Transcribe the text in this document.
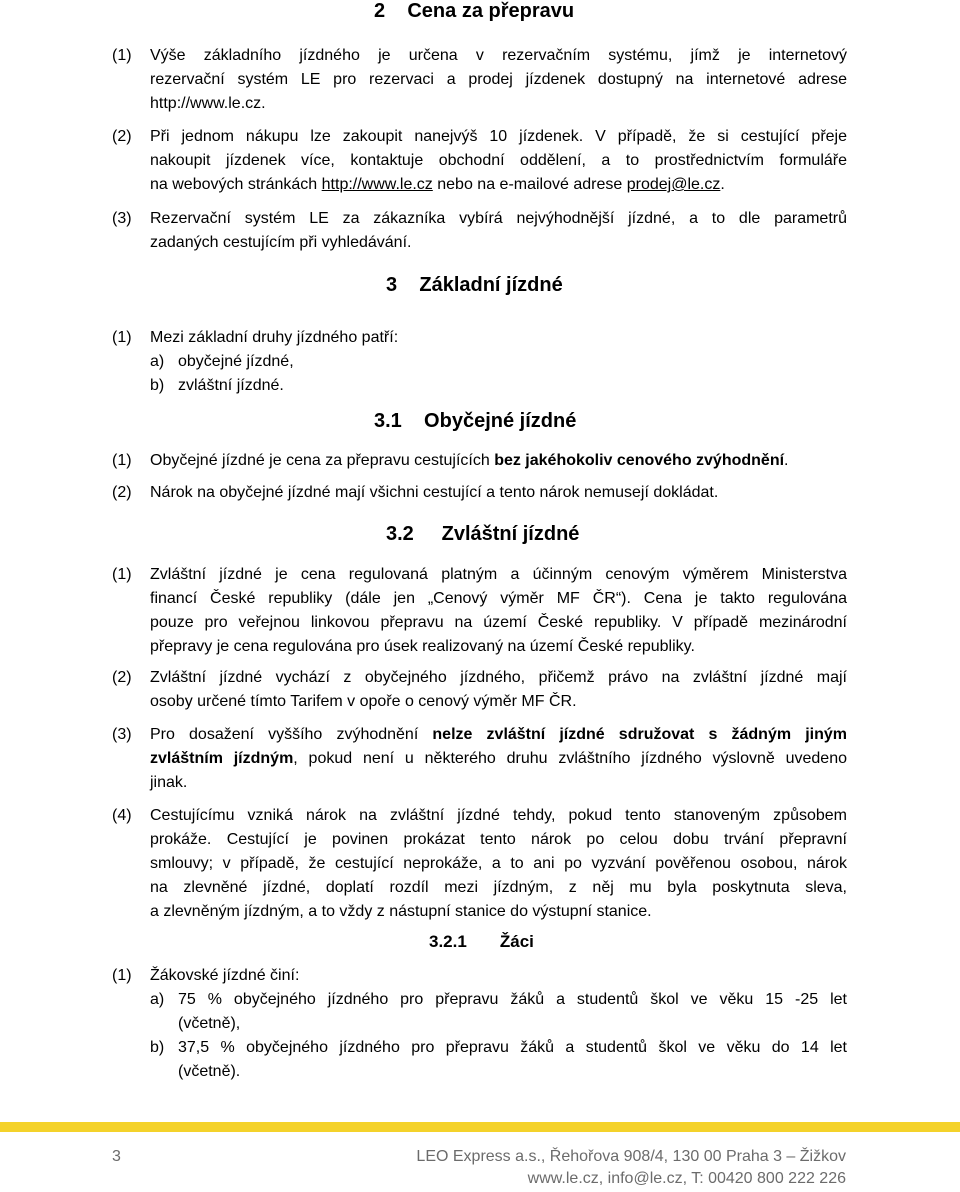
2 Cena za přepravu
(1) Výše základního jízdného je určena v rezervačním systému, jímž je internetový
rezervační systém LE pro rezervaci a prodej jízdenek dostupný na internetové adrese
http://www.le.cz.
(2) Při jednom nákupu lze zakoupit nanejvýš 10 jízdenek. V případě, že si cestující přeje
nakoupit jízdenek více, kontaktuje obchodní oddělení, a to prostřednictvím formuláře
na webových stránkách http://www.le.cz nebo na e-mailové adrese prodej@le.cz.
(3) Rezervační systém LE za zákazníka vybírá nejvýhodnější jízdné, a to dle parametrů
zadaných cestujícím při vyhledávání.
3 Základní jízdné
(1) Mezi základní druhy jízdného patří:
a) obyčejné jízdné,
b) zvláštní jízdné.
3.1 Obyčejné jízdné
(1) Obyčejné jízdné je cena za přepravu cestujících bez jakéhokoliv cenového zvýhodnění.
(2) Nárok na obyčejné jízdné mají všichni cestující a tento nárok nemusejí dokládat.
3.2 Zvláštní jízdné
(1) Zvláštní jízdné je cena regulovaná platným a účinným cenovým výměrem Ministerstva
financí České republiky (dále jen „Cenový výměr MF ČR“). Cena je takto regulována
pouze pro veřejnou linkovou přepravu na území České republiky. V případě mezinárodní
přepravy je cena regulována pro úsek realizovaný na území České republiky.
(2) Zvláštní jízdné vychází z obyčejného jízdného, přičemž právo na zvláštní jízdné mají
osoby určené tímto Tarifem v opoře o cenový výměr MF ČR.
(3) Pro dosažení vyššího zvýhodnění nelze zvláštní jízdné sdružovat s žádným jiným
zvláštním jízdným, pokud není u některého druhu zvláštního jízdného výslovně uvedeno
jinak.
(4) Cestujícímu vzniká nárok na zvláštní jízdné tehdy, pokud tento stanoveným způsobem
prokáže. Cestující je povinen prokázat tento nárok po celou dobu trvání přepravní
smlouvy; v případě, že cestující neprokáže, a to ani po vyzvání pověřenou osobou, nárok
na zlevněné jízdné, doplatí rozdíl mezi jízdným, z něj mu byla poskytnuta sleva,
a zlevněným jízdným, a to vždy z nástupní stanice do výstupní stanice.
3.2.1 Žáci
(1) Žákovské jízdné činí:
a) 75 % obyčejného jízdného pro přepravu žáků a studentů škol ve věku 15 -25 let
(včetně),
b) 37,5 % obyčejného jízdného pro přepravu žáků a studentů škol ve věku do 14 let
(včetně).
3	LEO Express a.s., Řehořova 908/4, 130 00 Praha 3 – Žižkov
www.le.cz, info@le.cz, T: 00420 800 222 226
